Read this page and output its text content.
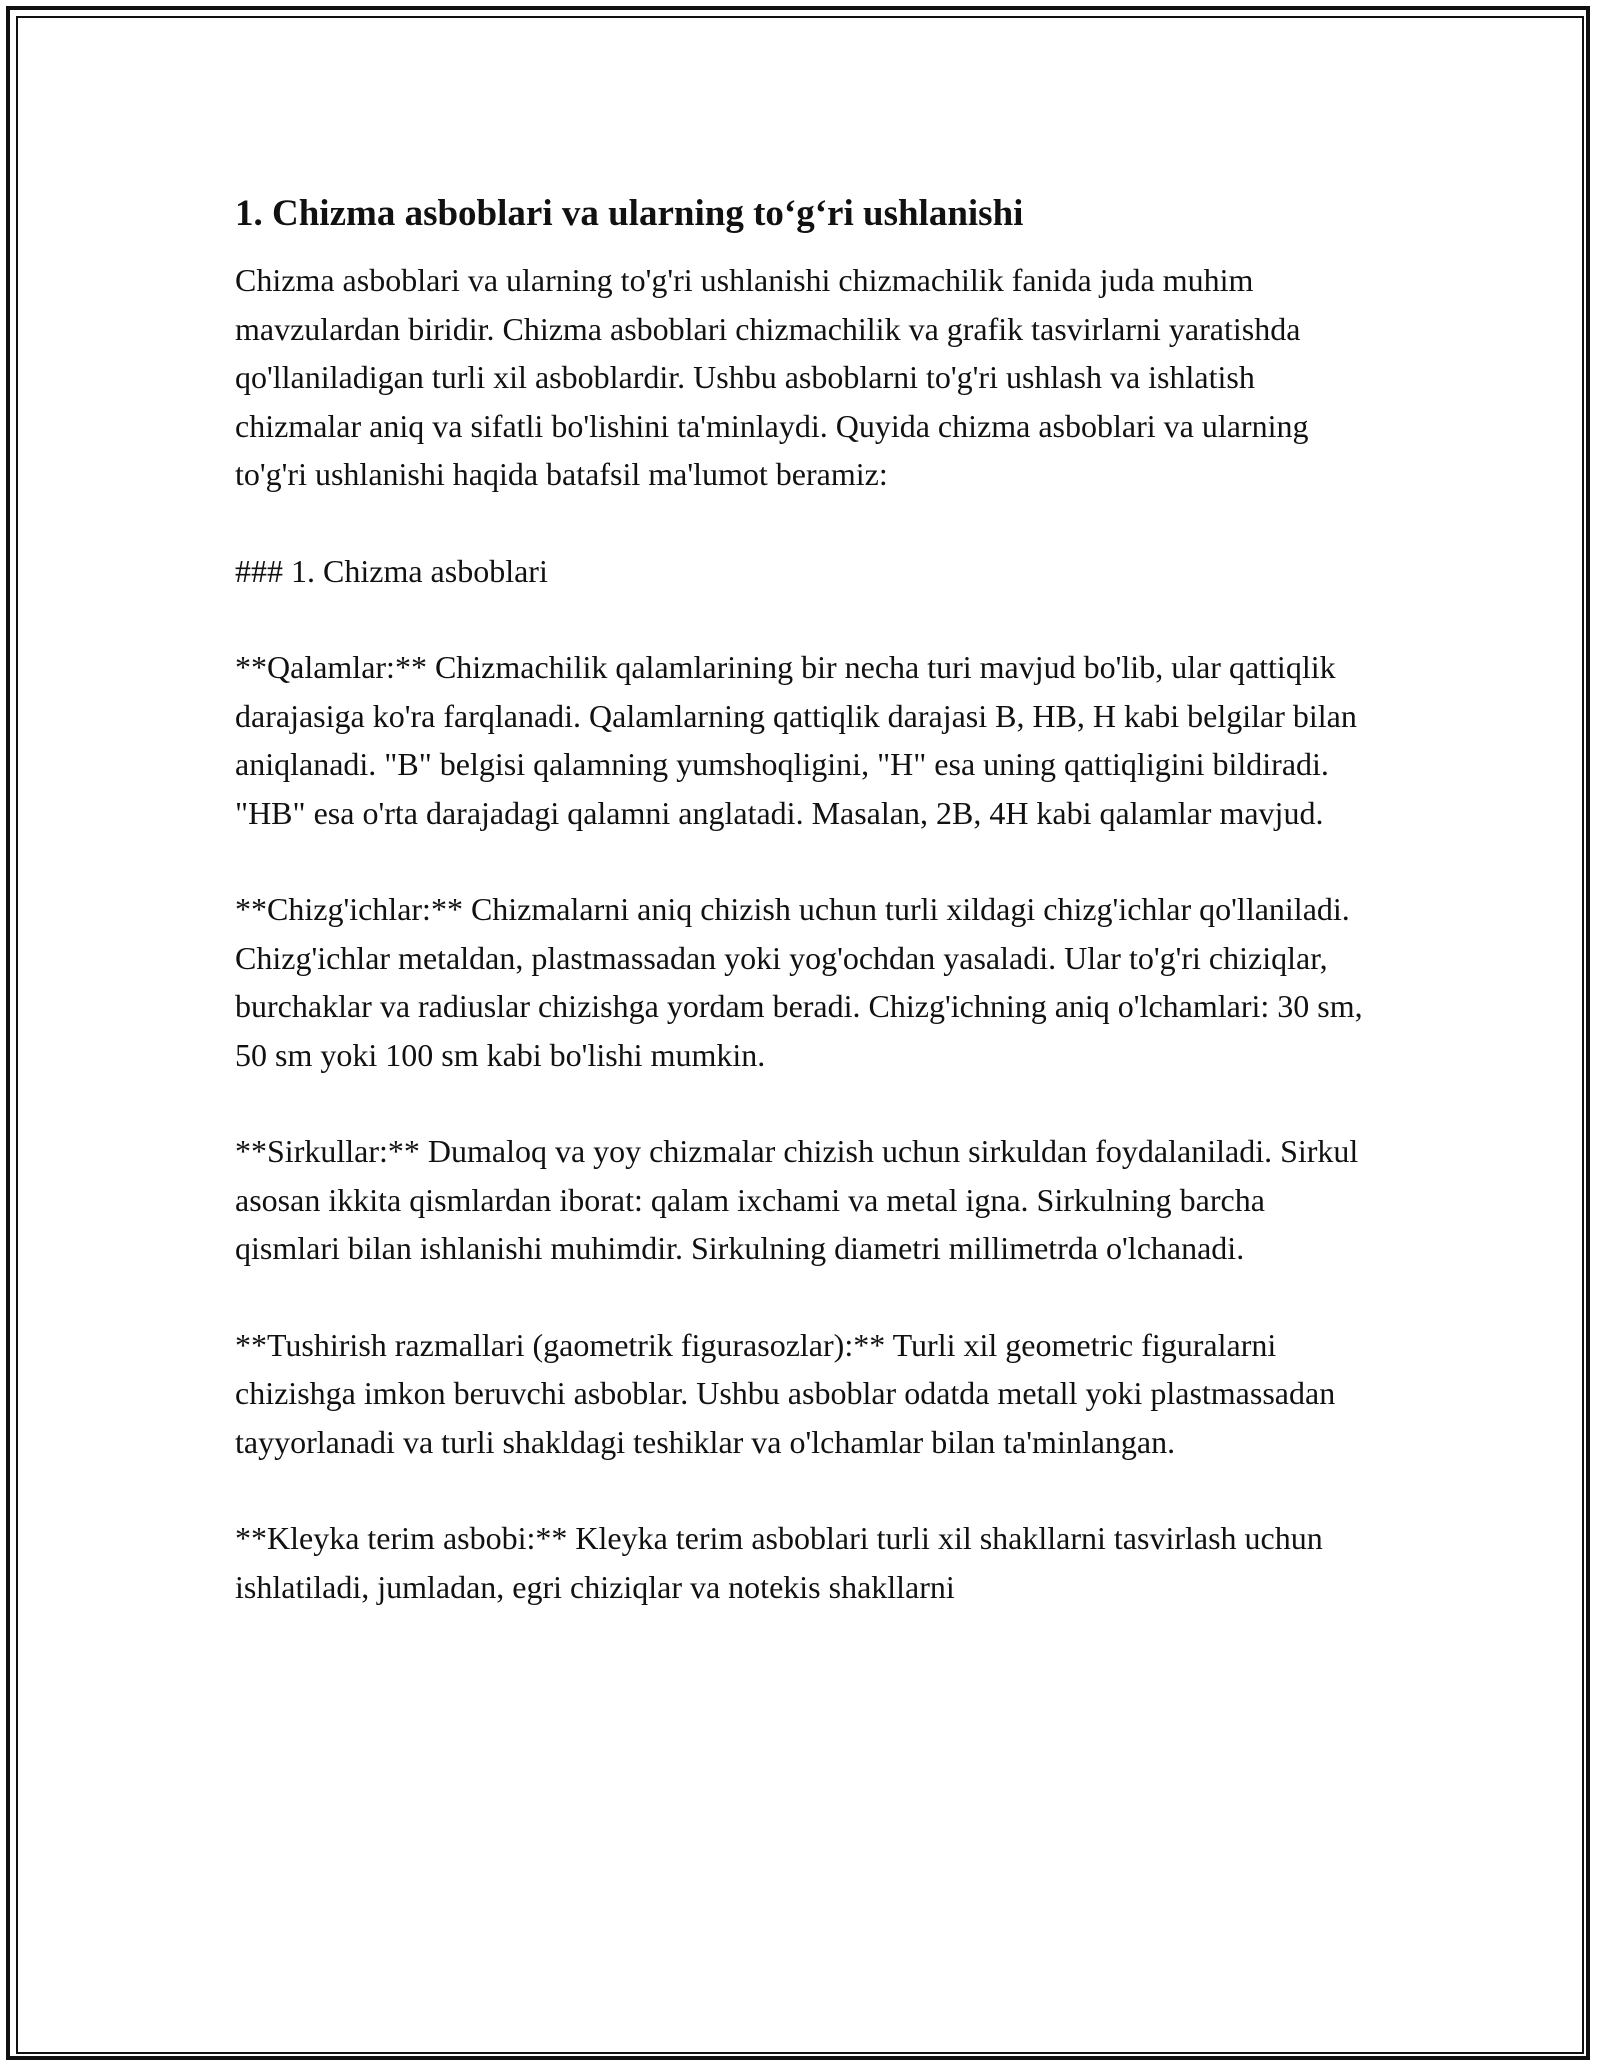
1. Chizma asboblari va ularning to‘g‘ri ushlanishi

Chizma asboblari va ularning to'g'ri ushlanishi chizmachilik fanida juda muhim mavzulardan biridir. Chizma asboblari chizmachilik va grafik tasvirlarni yaratishda qo'llaniladigan turli xil asboblardir. Ushbu asboblarni to'g'ri ushlash va ishlatish chizmalar aniq va sifatli bo'lishini ta'minlaydi. Quyida chizma asboblari va ularning to'g'ri ushlanishi haqida batafsil ma'lumot beramiz:

### 1. Chizma asboblari

**Qalamlar:** Chizmachilik qalamlarining bir necha turi mavjud bo'lib, ular qattiqlik darajasiga ko'ra farqlanadi. Qalamlarning qattiqlik darajasi B, HB, H kabi belgilar bilan aniqlanadi. "B" belgisi qalamning yumshoqligini, "H" esa uning qattiqligini bildiradi. "HB" esa o'rta darajadagi qalamni anglatadi. Masalan, 2B, 4H kabi qalamlar mavjud.

**Chizg'ichlar:** Chizmalarni aniq chizish uchun turli xildagi chizg'ichlar qo'llaniladi. Chizg'ichlar metaldan, plastmassadan yoki yog'ochdan yasaladi. Ular to'g'ri chiziqlar, burchaklar va radiuslar chizishga yordam beradi. Chizg'ichning aniq o'lchamlari: 30 sm, 50 sm yoki 100 sm kabi bo'lishi mumkin.

**Sirkullar:** Dumaloq va yoy chizmalar chizish uchun sirkuldan foydalaniladi. Sirkul asosan ikkita qismlardan iborat: qalam ixchami va metal igna. Sirkulning barcha qismlari bilan ishlanishi muhimdir. Sirkulning diametri millimetrda o'lchanadi.

**Tushirish razmallari (gaometrik figurasozlar):** Turli xil geometric figuralarni chizishga imkon beruvchi asboblar. Ushbu asboblar odatda metall yoki plastmassadan tayyorlanadi va turli shakldagi teshiklar va o'lchamlar bilan ta'minlangan.

**Kleyka terim asbobi:** Kleyka terim asboblari turli xil shakllarni tasvirlash uchun ishlatiladi, jumladan, egri chiziqlar va notekis shakllarni
